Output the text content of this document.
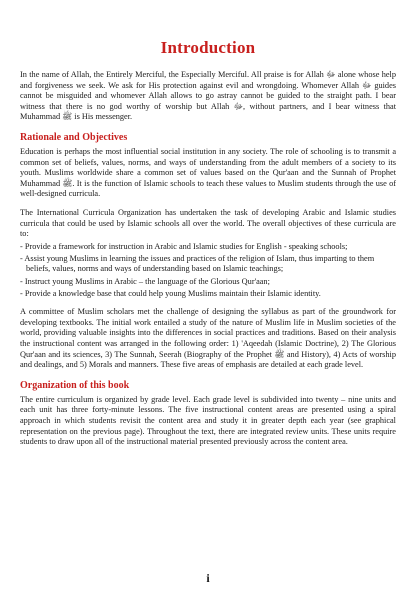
Introduction

In the name of Allah, the Entirely Merciful, the Especially Merciful. All praise is for Allah ﷻ alone whose help and forgiveness we seek. We ask for His protection against evil and wrongdoing. Whomever Allah ﷻ guides cannot be misguided and whomever Allah allows to go astray cannot be guided to the straight path. I bear witness that there is no god worthy of worship but Allah ﷻ, without partners, and I bear witness that Muhammad ﷺ is His messenger.

Rationale and Objectives

Education is perhaps the most influential social institution in any society. The role of schooling is to transmit a common set of beliefs, values, norms, and ways of understanding from the adult members of a society to its youth. Muslims worldwide share a common set of values based on the Qur'aan and the Sunnah of Prophet Muhammad ﷺ. It is the function of Islamic schools to teach these values to Muslim students through the use of well-designed curricula.

The International Curricula Organization has undertaken the task of developing Arabic and Islamic studies curricula that could be used by Islamic schools all over the world. The overall objectives of these curricula are to:

- Provide a framework for instruction in Arabic and Islamic studies for English - speaking schools;
- Assist young Muslims in learning the issues and practices of the religion of Islam, thus imparting to them beliefs, values, norms and ways of understanding based on Islamic teachings;
- Instruct young Muslims in Arabic – the language of the Glorious Qur'aan;
- Provide a knowledge base that could help young Muslims maintain their Islamic identity.

A committee of Muslim scholars met the challenge of designing the syllabus as part of the groundwork for developing textbooks. The initial work entailed a study of the nature of Muslim life in Muslim societies of the world, providing valuable insights into the differences in social practices and traditions. Based on their analysis the instructional content was arranged in the following order: 1) 'Aqeedah (Islamic Doctrine), 2) The Glorious Qur'aan and its sciences, 3) The Sunnah, Seerah (Biography of the Prophet ﷺ and History), 4) Acts of worship and dealings, and 5) Morals and manners. These five areas of emphasis are detailed at each grade level.

Organization of this book

The entire curriculum is organized by grade level. Each grade level is subdivided into twenty – nine units and each unit has three forty-minute lessons. The five instructional content areas are presented using a spiral approach in which students revisit the content area and study it in greater depth each year (see graphical representation on the previous page). Throughout the text, there are integrated review units. These units require students to draw upon all of the instructional material presented previously across the content area.

i
